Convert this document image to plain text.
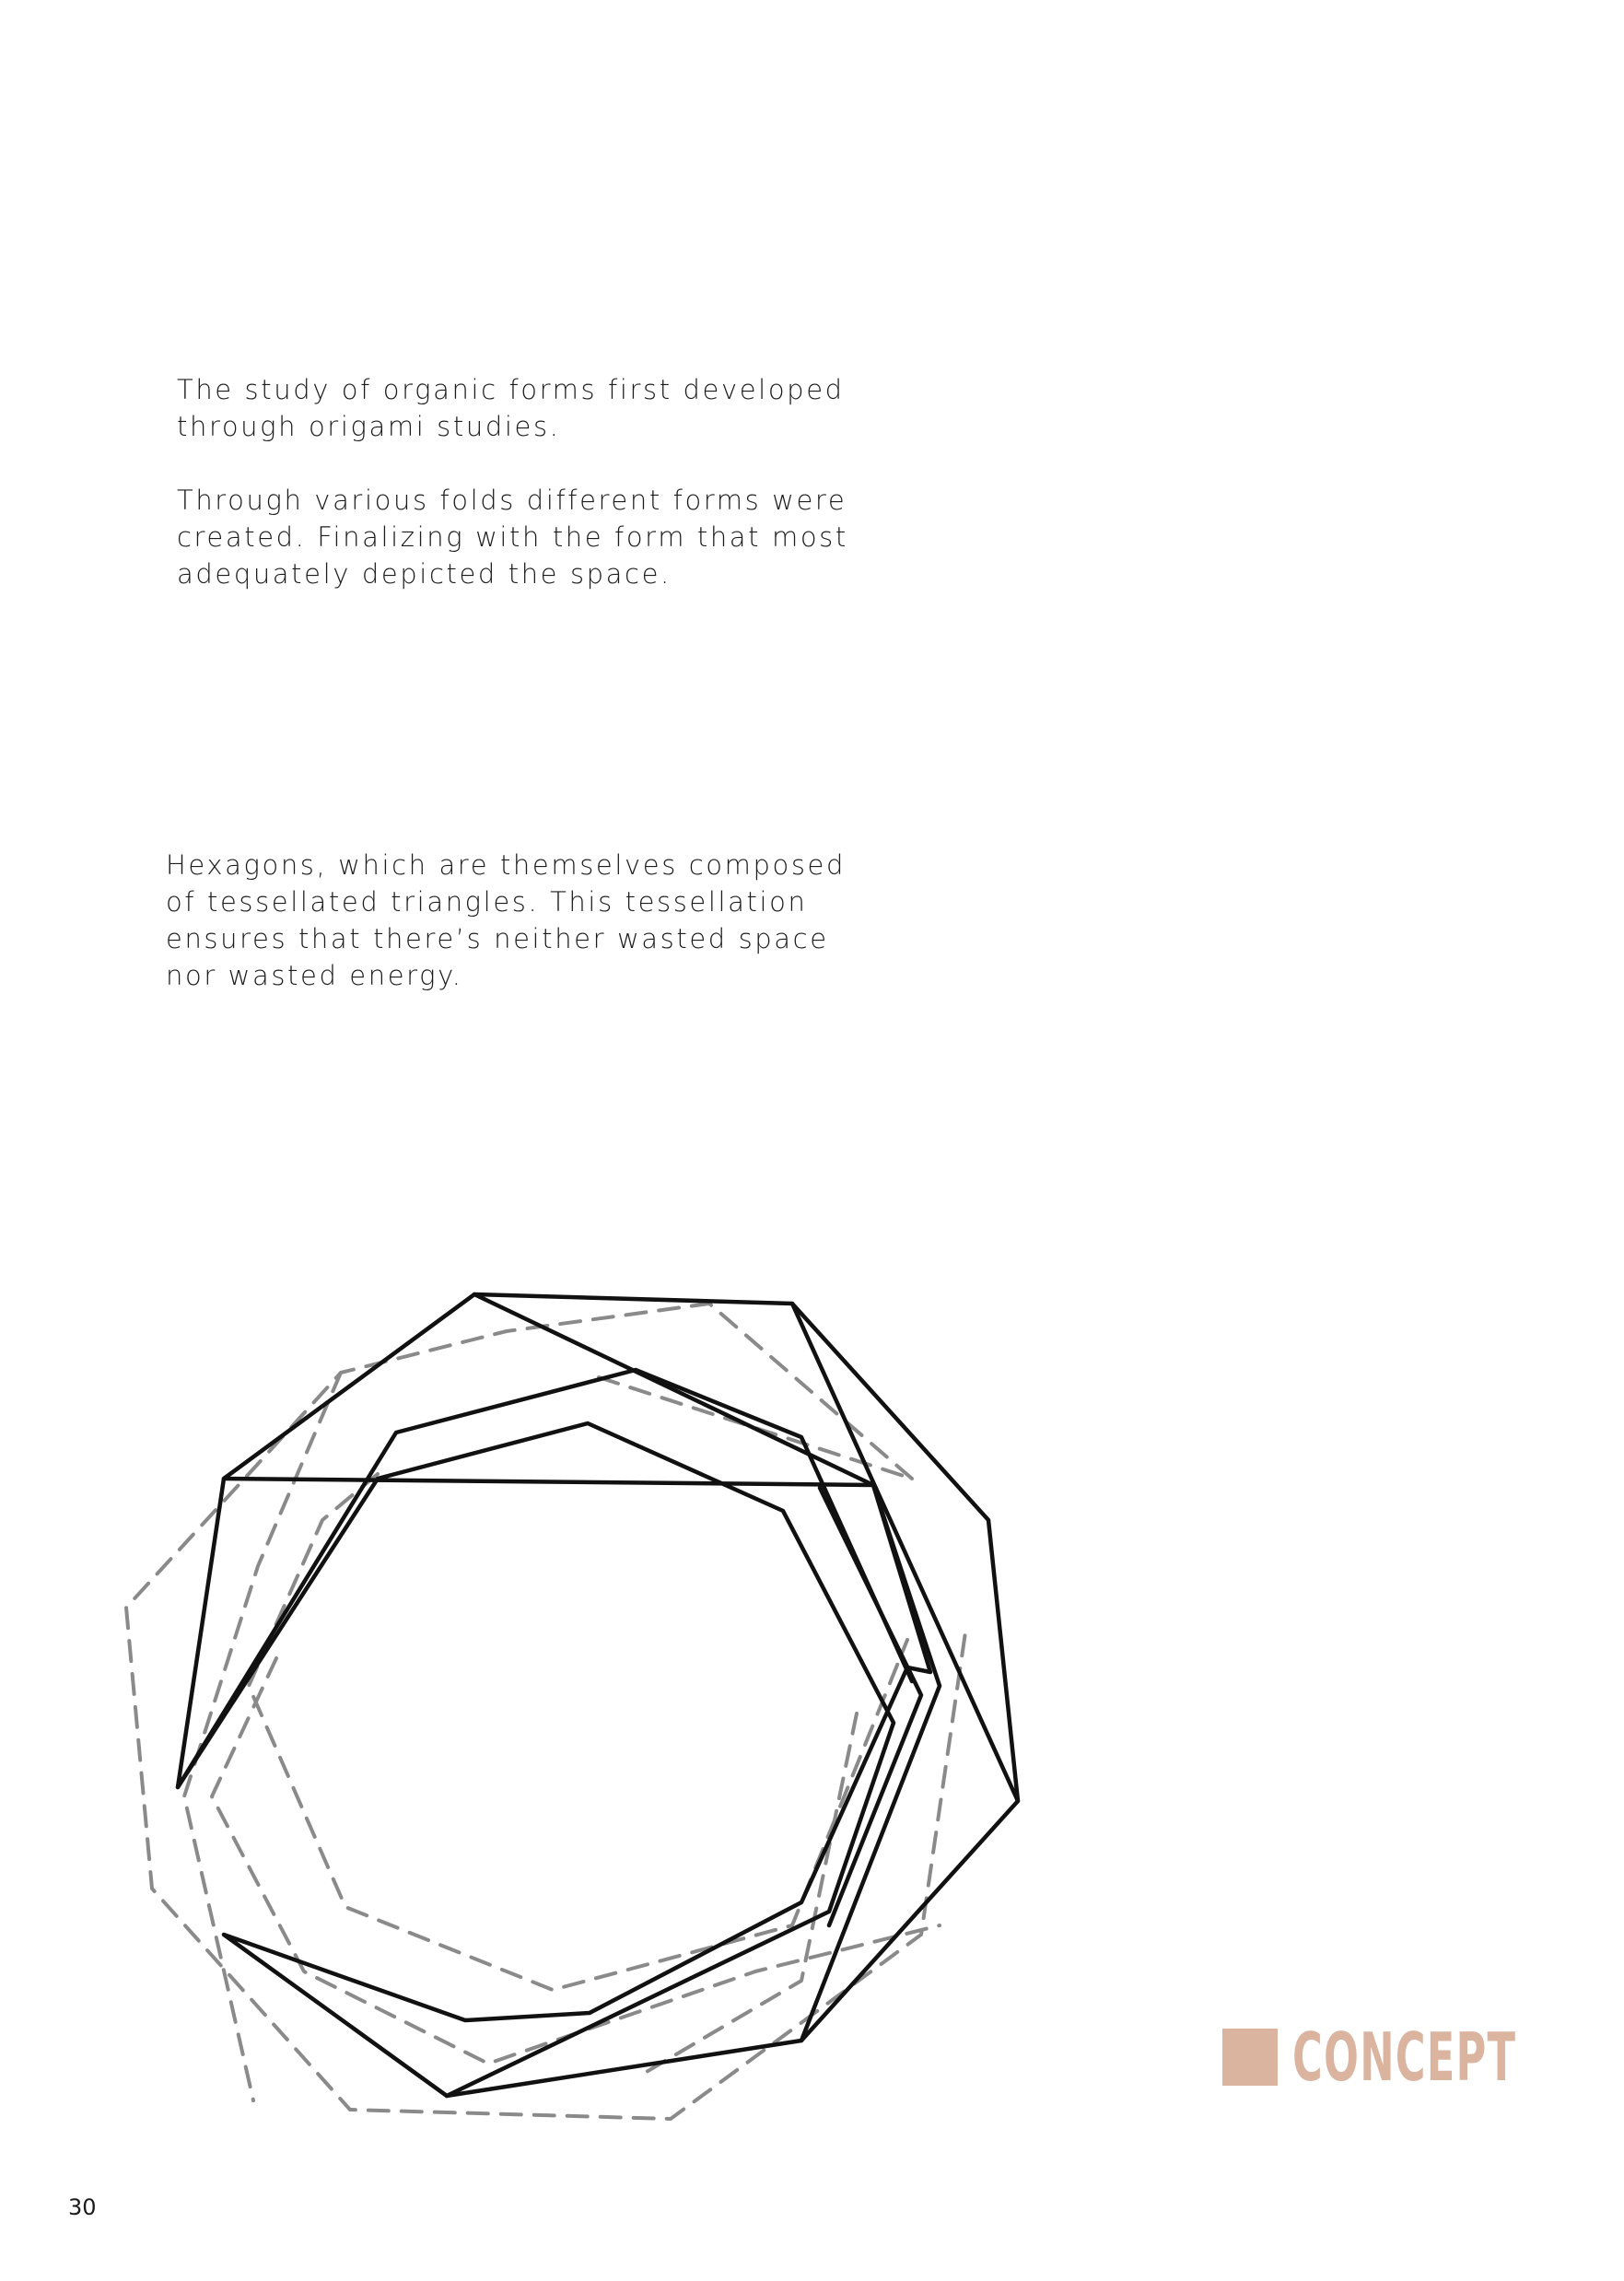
The study of organic forms first developed
through origami studies.
Through various folds different forms were
created. Finalizing with the form that most
adequately depicted the space.
Hexagons, which are themselves composed
of tessellated triangles. This tessellation
ensures that there’s neither wasted space
nor wasted energy.
CONCEPT
30
